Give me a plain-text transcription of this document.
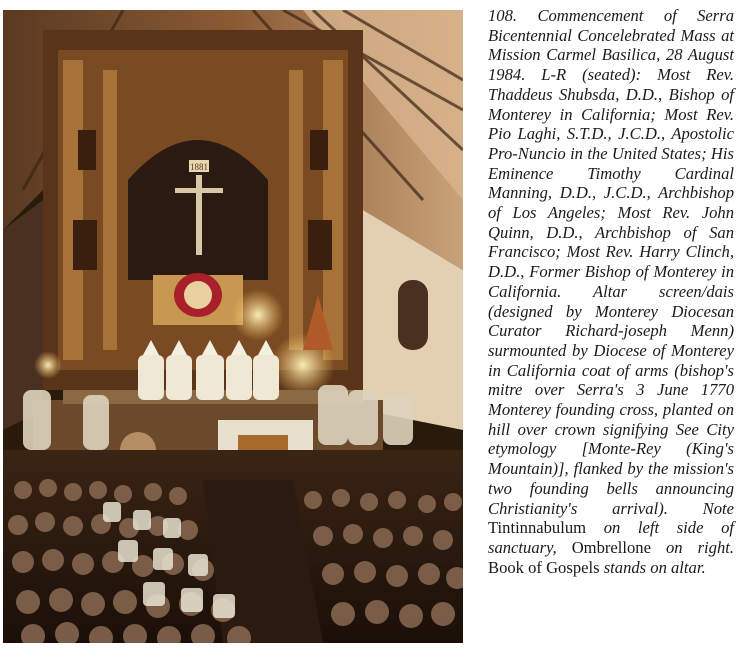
1881
108. Commencement of Serra Bicentennial Concelebrated Mass at Mission Carmel Basilica, 28 August 1984. L-R (seated): Most Rev. Thaddeus Shubsda, D.D., Bishop of Monterey in California; Most Rev. Pio Laghi, S.T.D., J.C.D., Apostolic Pro-Nuncio in the United States; His Eminence Timothy Cardinal Manning, D.D., J.C.D., Archbishop of Los Angeles; Most Rev. John Quinn, D.D., Archbishop of San Francisco; Most Rev. Harry Clinch, D.D., Former Bishop of Monterey in California. Altar screen/dais (designed by Monterey Diocesan Curator Richard-joseph Menn) surmounted by Diocese of Monterey in California coat of arms (bishop's mitre over Serra's 3 June 1770 Monterey founding cross, planted on hill over crown signifying See City etymology [Monte-Rey (King's Mountain)], flanked by the mission's two founding bells announcing Christianity's arrival). Note Tintinnabulum on left side of sanctuary, Ombrellone on right. Book of Gospels stands on altar.
